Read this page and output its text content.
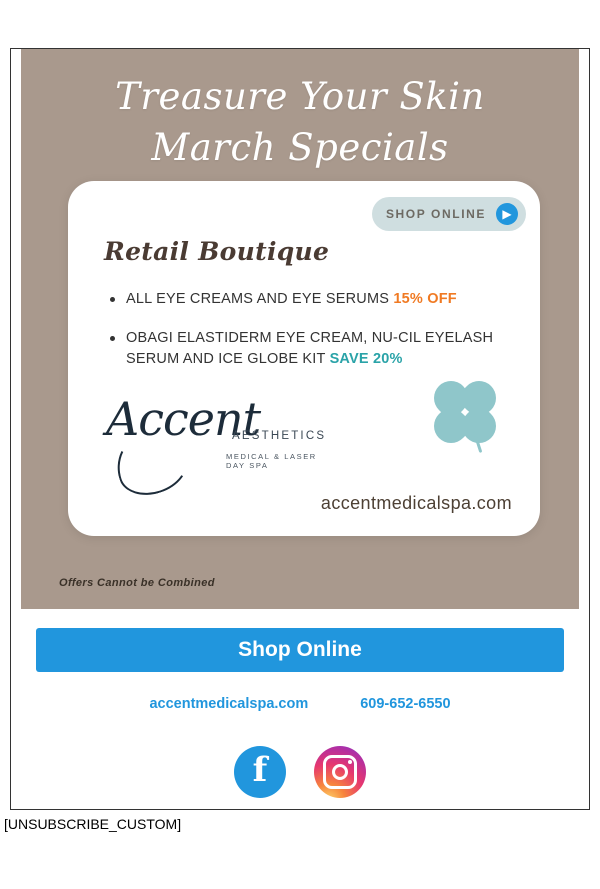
Treasure Your Skin
March Specials
SHOP ONLINE	▶
Retail Boutique
ALL EYE CREAMS AND EYE SERUMS 15% OFF
OBAGI ELASTIDERM EYE CREAM, NU-CIL EYELASH SERUM AND ICE GLOBE KIT SAVE 20%
Accent
AESTHETICS
MEDICAL & LASER DAY SPA
accentmedicalspa.com
Offers Cannot be Combined
Shop Online
accentmedicalspa.com	609-652-6550
f
[UNSUBSCRIBE_CUSTOM]
